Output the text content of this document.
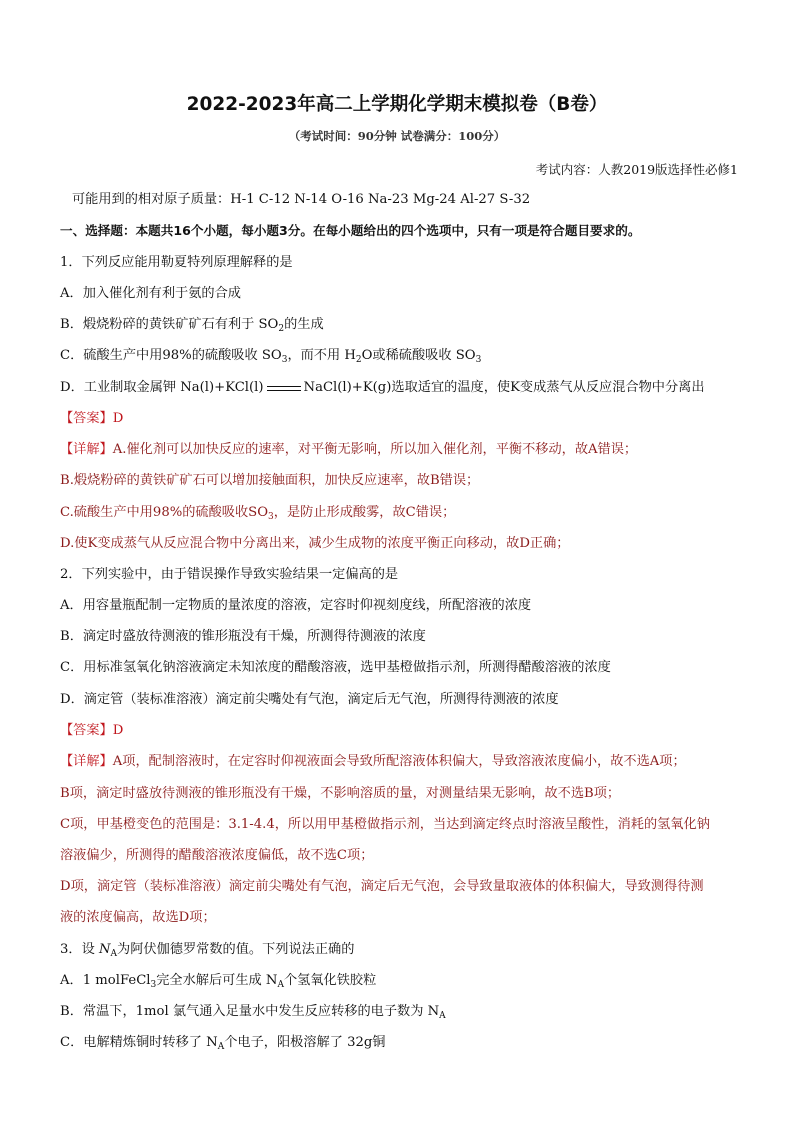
2022-2023年高二上学期化学期末模拟卷（B卷）
（考试时间：90分钟 试卷满分：100分）
考试内容：人教2019版选择性必修1
可能用到的相对原子质量：H-1 C-12 N-14 O-16 Na-23 Mg-24 Al-27 S-32
一、选择题：本题共16个小题，每小题3分。在每小题给出的四个选项中，只有一项是符合题目要求的。
1．下列反应能用勒夏特列原理解释的是
A．加入催化剂有利于氨的合成
B．煅烧粉碎的黄铁矿矿石有利于 $SO_2$的生成
C．硫酸生产中用98%的硫酸吸收 $SO_3$，而不用 $H_2O$或稀硫酸吸收 $SO_3$
D．工业制取金属钾 Na(l)+KCl(l)	NaCl(l)+K(g)选取适宜的温度，使K变成蒸气从反应混合物中分离出
【答案】D
【详解】A.催化剂可以加快反应的速率，对平衡无影响，所以加入催化剂，平衡不移动，故A错误；
B.煅烧粉碎的黄铁矿矿石可以增加接触面积，加快反应速率，故B错误；
C.硫酸生产中用98%的硫酸吸收$SO_3$，是防止形成酸雾，故C错误；
D.使K变成蒸气从反应混合物中分离出来，减少生成物的浓度平衡正向移动，故D正确；
2．下列实验中，由于错误操作导致实验结果一定偏高的是
A．用容量瓶配制一定物质的量浓度的溶液，定容时仰视刻度线，所配溶液的浓度
B．滴定时盛放待测液的锥形瓶没有干燥，所测得待测液的浓度
C．用标准氢氧化钠溶液滴定未知浓度的醋酸溶液，选甲基橙做指示剂，所测得醋酸溶液的浓度
D．滴定管（装标准溶液）滴定前尖嘴处有气泡，滴定后无气泡，所测得待测液的浓度
【答案】D
【详解】A项，配制溶液时，在定容时仰视液面会导致所配溶液体积偏大，导致溶液浓度偏小，故不选A项；
B项，滴定时盛放待测液的锥形瓶没有干燥，不影响溶质的量，对测量结果无影响，故不选B项；
C项，甲基橙变色的范围是：3.1-4.4，所以用甲基橙做指示剂，当达到滴定终点时溶液呈酸性，消耗的氢氧化钠
溶液偏少，所测得的醋酸溶液浓度偏低，故不选C项；
D项，滴定管（装标准溶液）滴定前尖嘴处有气泡，滴定后无气泡，会导致量取液体的体积偏大，导致测得待测
液的浓度偏高，故选D项；
3．设 $N_A$为阿伏伽德罗常数的值。下列说法正确的
A．1 molFeCl$_3$完全水解后可生成 $N_A$个氢氧化铁胶粒
B．常温下，1mol 氯气通入足量水中发生反应转移的电子数为 $N_A$
C．电解精炼铜时转移了 $N_A$个电子，阳极溶解了 32g铜
